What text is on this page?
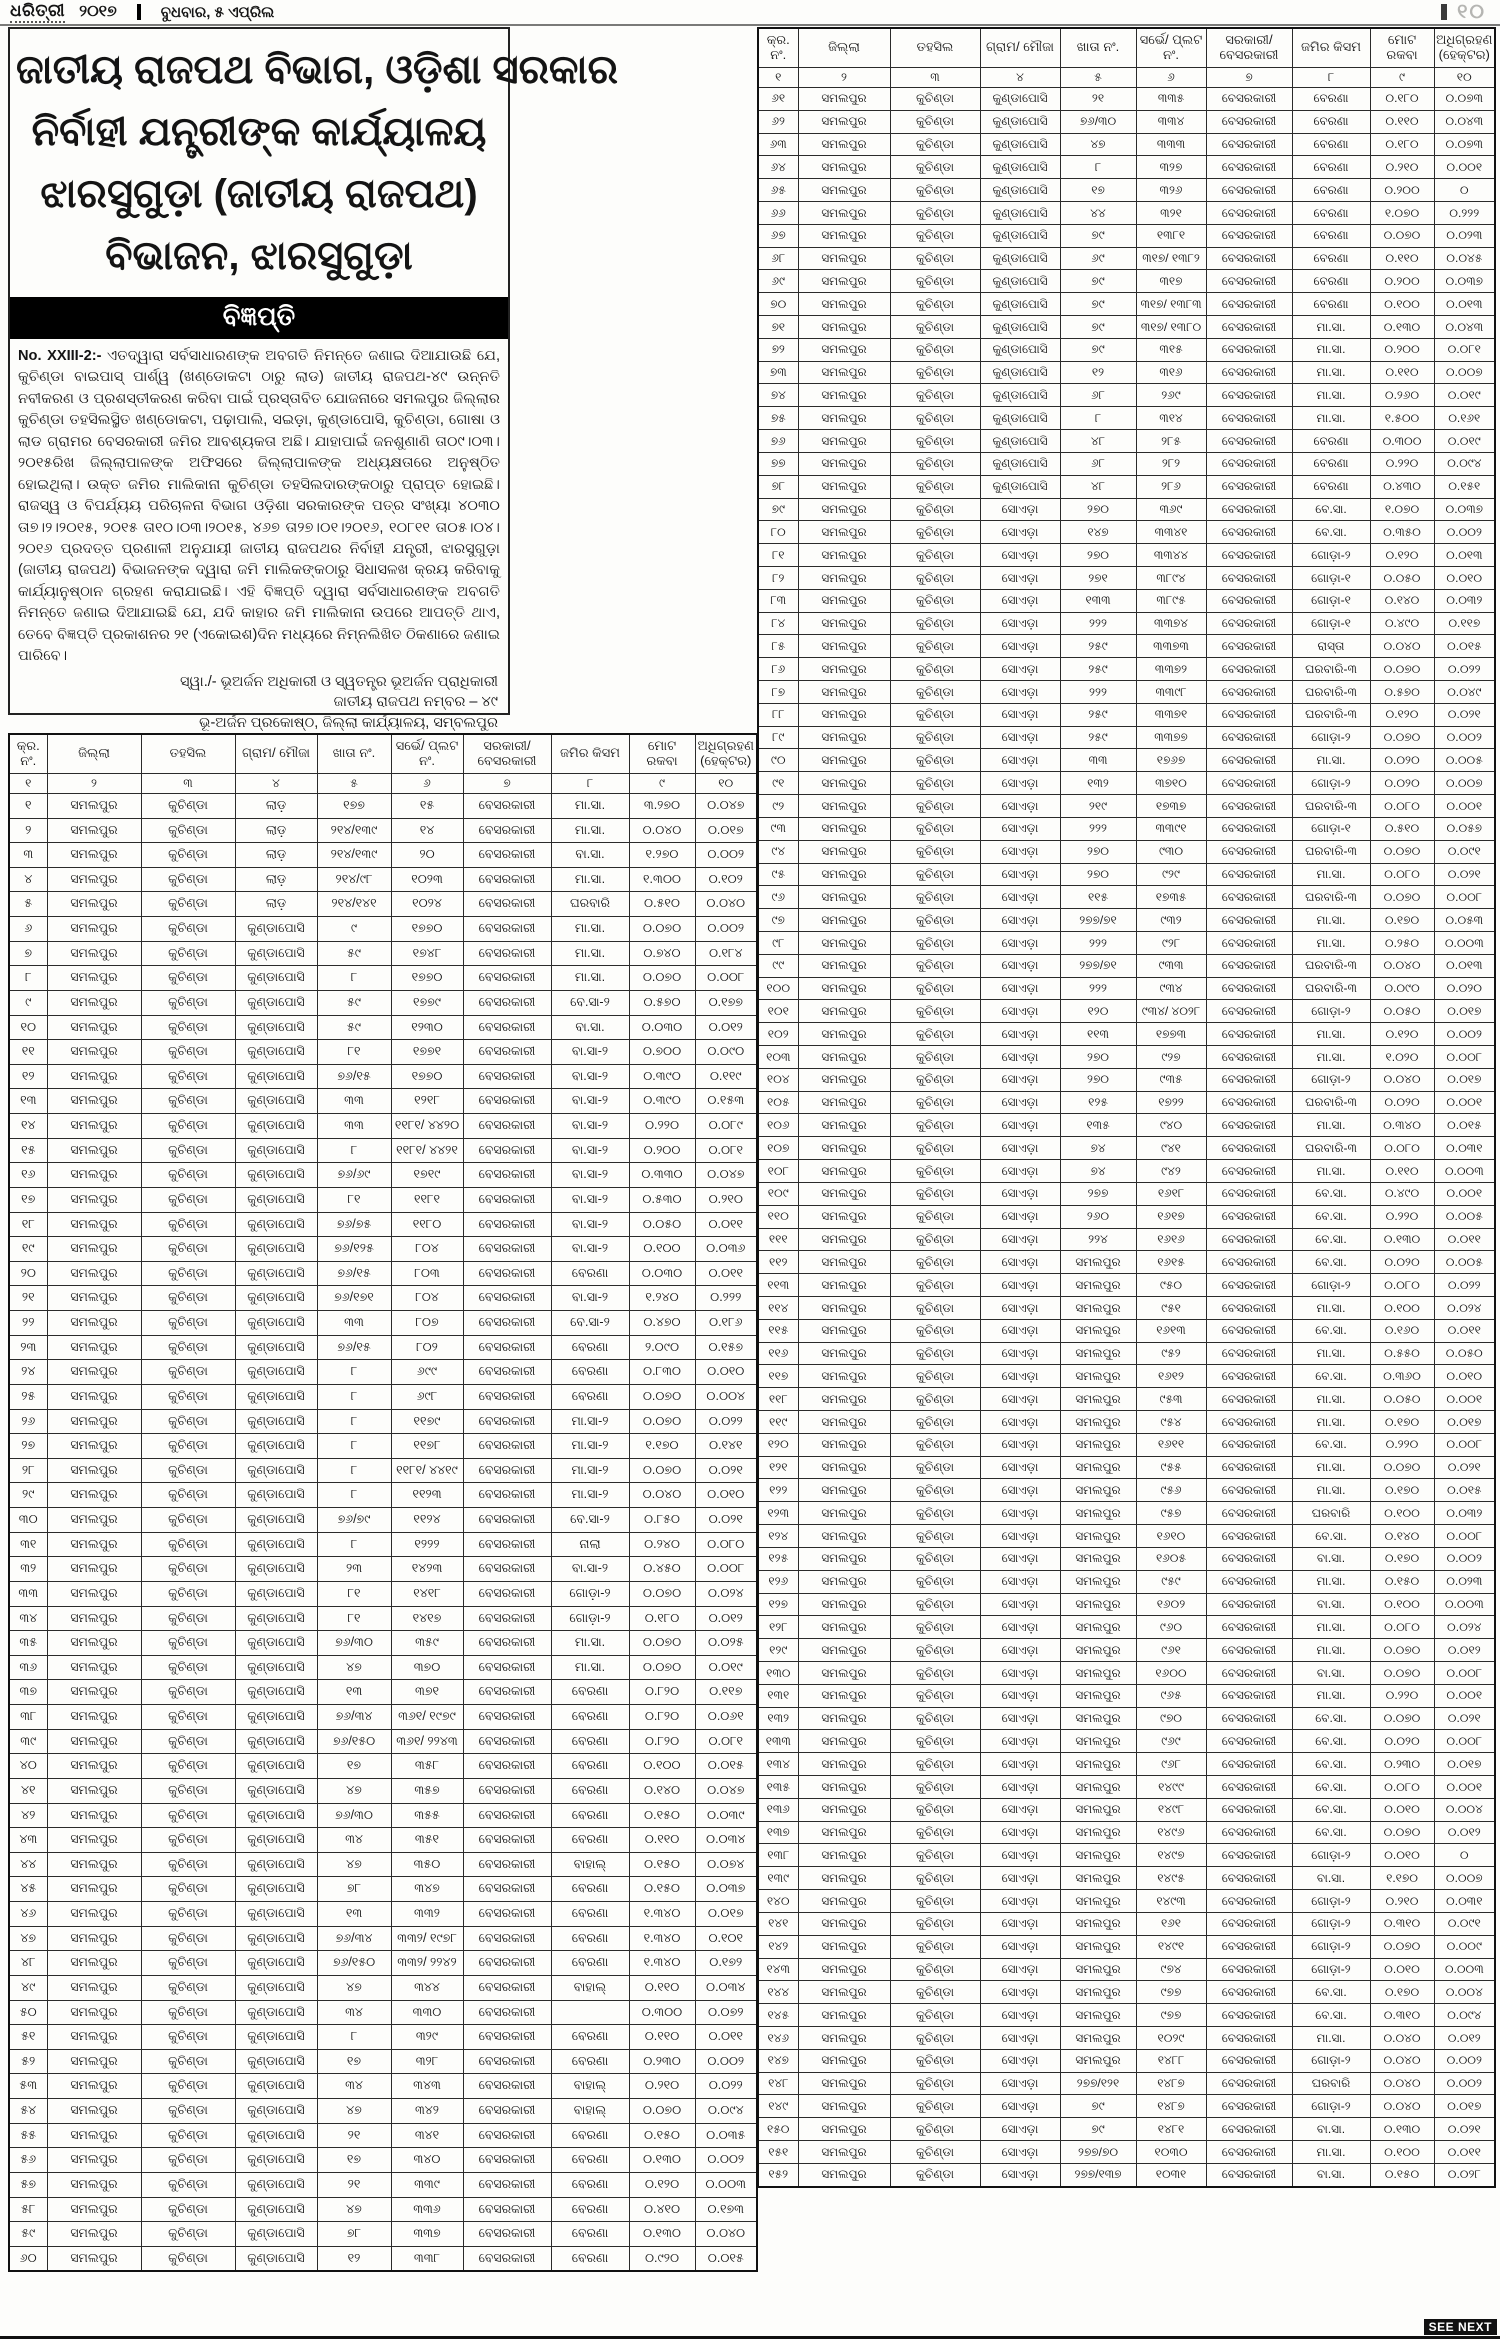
ଧରିତ୍ରୀ ୨୦୧୭	ବୁଧବାର, ୫ ଏପ୍ରିଲ	୧୦
ଜାତୀୟ ରାଜପଥ ବିଭାଗ, ଓଡ଼ିଶା ସରକାର
ନିର୍ବାହୀ ଯନ୍ତ୍ରୀଙ୍କ କାର୍ଯ୍ୟାଳୟ
ଝାରସୁଗୁଡ଼ା (ଜାତୀୟ ରାଜପଥ)
ବିଭାଜନ, ଝାରସୁଗୁଡ଼ା
ବିଜ୍ଞପ୍ତି
No. XXIII-2:- ଏତଦ୍ୱାରା ସର୍ବସାଧାରଣଙ୍କ ଅବଗତି ନିମନ୍ତେ ଜଣାଇ ଦିଆଯାଉଛି ଯେ, କୁଚିଣ୍ଡା ବାଇପାସ୍ ପାର୍ଶ୍ୱ (ଖଣ୍ଡୋକଟା ଠାରୁ ଲାଡ) ଜାତୀୟ ରାଜପଥ-୪୯ ଉନ୍ନତି ନବୀକରଣ ଓ ପ୍ରଶସ୍ତୀକରଣ କରିବା ପାଇଁ ପ୍ରସ୍ତାବିତ ଯୋଜନାରେ ସମଲପୁର ଜିଲ୍ଲାର କୁଚିଣ୍ଡା ତହସିଲସ୍ଥିତ ଖଣ୍ଡୋକଟା, ପଢ଼ାପାଲି, ସଇଡ଼ା, କୁଣ୍ଡାପୋସି, କୁଚିଣ୍ଡା, ଗୋଷା ଓ ଲାଡ ଗ୍ରାମର ବେସରକାରୀ ଜମିର ଆବଶ୍ୟକତା ଅଛି। ଯାହାପାଇଁ ଜନଶୁଣାଣି ତା୦୯।୦୩।୨୦୧୫ରିଖ ଜିଲ୍ଲାପାଳଙ୍କ ଅଫିସରେ ଜିଲ୍ଲାପାଳଙ୍କ ଅଧ୍ୟକ୍ଷତାରେ ଅନୁଷ୍ଠିତ ହୋଇଥିଲା। ଉକ୍ତ ଜମିର ମାଲିକାନା କୁଚିଣ୍ଡା ତହସିଲଦାରଙ୍କଠାରୁ ପ୍ରାପ୍ତ ହୋଇଛି। ରାଜସ୍ୱ ଓ ବିପର୍ଯ୍ୟୟ ପରିଚାଳନା ବିଭାଗ ଓଡ଼ିଶା ସରକାରଙ୍କ ପତ୍ର ସଂଖ୍ୟା ୪୦୩୦ ତା୭।୨।୨୦୧୫, ୨୦୧୫ ତା୧୦।୦୩।୨୦୧୫, ୪୬୭ ତା୨୭।୦୧।୨୦୧୬, ୧୦୮୧୧ ତା୦୫।୦୪।୨୦୧୬ ପ୍ରଦତ୍ତ ପ୍ରଣାଳୀ ଅନୁଯାୟୀ ଜାତୀୟ ରାଜପଥର ନିର୍ବାହୀ ଯନ୍ତ୍ରୀ, ଝାରସୁଗୁଡ଼ା (ଜାତୀୟ ରାଜପଥ) ବିଭାଜନଙ୍କ ଦ୍ୱାରା ଜମି ମାଲିକଙ୍କଠାରୁ ସିଧାସଳଖ କ୍ରୟ କରିବାକୁ କାର୍ଯ୍ୟାନୁଷ୍ଠାନ ଗ୍ରହଣ କରାଯାଇଛି। ଏହି ବିଜ୍ଞପ୍ତି ଦ୍ୱାରା ସର୍ବସାଧାରଣଙ୍କ ଅବଗତି ନିମନ୍ତେ ଜଣାଇ ଦିଆଯାଇଛି ଯେ, ଯଦି କାହାର ଜମି ମାଲିକାନା ଉପରେ ଆପତ୍ତି ଥାଏ, ତେବେ ବିଜ୍ଞପ୍ତି ପ୍ରକାଶନର ୨୧ (ଏକୋଇଶ)ଦିନ ମଧ୍ୟରେ ନିମ୍ନଲିଖିତ ଠିକଣାରେ ଜଣାଇ ପାରିବେ।
ସ୍ୱା./- ଭୂଅର୍ଜନ ଅଧିକାରୀ ଓ ସ୍ୱତନ୍ତ୍ର ଭୂଅର୍ଜନ ପ୍ରାଧିକାରୀ
ଜାତୀୟ ରାଜପଥ ନମ୍ବର – ୪୯
ଭୂ-ଅର୍ଜନ ପ୍ରକୋଷ୍ଠ, ଜିଲ୍ଲା କାର୍ଯ୍ୟାଳୟ, ସମ୍ବଲପୁର
କ୍ର. ନଂ.	ଜିଲ୍ଲା	ତହସିଲ	ଗ୍ରାମ/ ମୌଜା	ଖାତା ନଂ.	ସର୍ଭେ/ ପ୍ଲଟ ନଂ.	ସରକାରୀ/ ବେସରକାରୀ	ଜମିର କିସମ	ମୋଟ ରକବା	ଅଧିଗ୍ରହଣ (ହେକ୍ଟର)
୧	୨	୩	୪	୫	୬	୭	୮	୯	୧୦
୧	ସମଲପୁର	କୁଚିଣ୍ଡା	ଲାଡ଼	୧୭୭	୧୫	ବେସରକାରୀ	ମା.ସା.	୩.୨୭୦	୦.୦୪୭
୨	ସମଲପୁର	କୁଚିଣ୍ଡା	ଲାଡ଼	୨୧୪/୧୩୯	୧୪	ବେସରକାରୀ	ମା.ସା.	୦.୦୪୦	୦.୦୧୭
୩	ସମଲପୁର	କୁଚିଣ୍ଡା	ଲାଡ଼	୨୧୪/୧୩୯	୨୦	ବେସରକାରୀ	ବା.ସା.	୧.୨୭୦	୦.୦୦୨
୪	ସମଲପୁର	କୁଚିଣ୍ଡା	ଲାଡ଼	୨୧୪/୯୮	୧୦୨୩	ବେସରକାରୀ	ମା.ସା.	୧.୩୦୦	୦.୧୦୨
୫	ସମଲପୁର	କୁଚିଣ୍ଡା	ଲାଡ଼	୨୧୪/୧୪୧	୧୦୨୪	ବେସରକାରୀ	ଘରବାରି	୦.୫୧୦	୦.୦୪୦
୬	ସମଲପୁର	କୁଚିଣ୍ଡା	କୁଣ୍ଡାପୋସି	୯	୧୭୭୦	ବେସରକାରୀ	ମା.ସା.	୦.୦୭୦	୦.୦୦୨
୭	ସମଲପୁର	କୁଚିଣ୍ଡା	କୁଣ୍ଡାପୋସି	୫୯	୧୭୪୮	ବେସରକାରୀ	ମା.ସା.	୦.୭୪୦	୦.୧୮୪
୮	ସମଲପୁର	କୁଚିଣ୍ଡା	କୁଣ୍ଡାପୋସି	୮	୧୭୭୦	ବେସରକାରୀ	ମା.ସା.	୦.୦୭୦	୦.୦୦୮
୯	ସମଲପୁର	କୁଚିଣ୍ଡା	କୁଣ୍ଡାପୋସି	୫୯	୧୭୭୯	ବେସରକାରୀ	ବେ.ସା-୨	୦.୫୭୦	୦.୧୭୭
୧୦	ସମଲପୁର	କୁଚିଣ୍ଡା	କୁଣ୍ଡାପୋସି	୫୯	୧୨୩୦	ବେସରକାରୀ	ବା.ସା.	୦.୦୩୦	୦.୦୧୨
୧୧	ସମଲପୁର	କୁଚିଣ୍ଡା	କୁଣ୍ଡାପୋସି	୮୧	୧୭୭୧	ବେସରକାରୀ	ବା.ସା-୨	୦.୭୦୦	୦.୦୯୦
୧୨	ସମଲପୁର	କୁଚିଣ୍ଡା	କୁଣ୍ଡାପୋସି	୭୬/୧୫	୧୭୭୦	ବେସରକାରୀ	ବା.ସା-୨	୦.୩୯୦	୦.୧୧୯
୧୩	ସମଲପୁର	କୁଚିଣ୍ଡା	କୁଣ୍ଡାପୋସି	୩୩	୧୨୧୮	ବେସରକାରୀ	ବା.ସା-୨	୦.୩୯୦	୦.୧୫୩
୧୪	ସମଲପୁର	କୁଚିଣ୍ଡା	କୁଣ୍ଡାପୋସି	୩୩	୧୧୮୧/ ୪୪୨୦	ବେସରକାରୀ	ବା.ସା-୨	୦.୨୨୦	୦.୦୮୯
୧୫	ସମଲପୁର	କୁଚିଣ୍ଡା	କୁଣ୍ଡାପୋସି	୮	୧୧୮୧/ ୪୪୨୧	ବେସରକାରୀ	ବା.ସା-୨	୦.୨୦୦	୦.୦୮୧
୧୬	ସମଲପୁର	କୁଚିଣ୍ଡା	କୁଣ୍ଡାପୋସି	୭୬/୬୯	୧୭୧୯	ବେସରକାରୀ	ବା.ସା-୨	୦.୩୩୦	୦.୦୪୭
୧୭	ସମଲପୁର	କୁଚିଣ୍ଡା	କୁଣ୍ଡାପୋସି	୮୧	୧୧୮୧	ବେସରକାରୀ	ବା.ସା-୨	୦.୫୩୦	୦.୨୧୦
୧୮	ସମଲପୁର	କୁଚିଣ୍ଡା	କୁଣ୍ଡାପୋସି	୭୬/୭୫	୧୧୮୦	ବେସରକାରୀ	ବା.ସା-୨	୦.୦୫୦	୦.୦୧୧
୧୯	ସମଲପୁର	କୁଚିଣ୍ଡା	କୁଣ୍ଡାପୋସି	୭୬/୧୨୫	୮୦୪	ବେସରକାରୀ	ବା.ସା-୨	୦.୧୦୦	୦.୦୩୬
୨୦	ସମଲପୁର	କୁଚିଣ୍ଡା	କୁଣ୍ଡାପୋସି	୭୬/୧୫	୮୦୩	ବେସରକାରୀ	ବେରଣା	୦.୦୩୦	୦.୦୧୧
୨୧	ସମଲପୁର	କୁଚିଣ୍ଡା	କୁଣ୍ଡାପୋସି	୭୬/୧୭୧	୮୦୪	ବେସରକାରୀ	ବା.ସା-୨	୧.୨୪୦	୦.୨୨୨
୨୨	ସମଲପୁର	କୁଚିଣ୍ଡା	କୁଣ୍ଡାପୋସି	୩୩	୮୦୭	ବେସରକାରୀ	ବେ.ସା-୨	୦.୪୭୦	୦.୧୮୬
୨୩	ସମଲପୁର	କୁଚିଣ୍ଡା	କୁଣ୍ଡାପୋସି	୭୬/୧୫	୮୦୨	ବେସରକାରୀ	ବେରଣା	୨.୦୯୦	୦.୧୫୭
୨୪	ସମଲପୁର	କୁଚିଣ୍ଡା	କୁଣ୍ଡାପୋସି	୮	୬୯୯	ବେସରକାରୀ	ବେରଣା	୦.୮୩୦	୦.୦୧୦
୨୫	ସମଲପୁର	କୁଚିଣ୍ଡା	କୁଣ୍ଡାପୋସି	୮	୬୯୮	ବେସରକାରୀ	ବେରଣା	୦.୦୭୦	୦.୦୦୪
୨୬	ସମଲପୁର	କୁଚିଣ୍ଡା	କୁଣ୍ଡାପୋସି	୮	୧୧୭୯	ବେସରକାରୀ	ମା.ସା-୨	୦.୦୭୦	୦.୦୨୨
୨୭	ସମଲପୁର	କୁଚିଣ୍ଡା	କୁଣ୍ଡାପୋସି	୮	୧୧୭୮	ବେସରକାରୀ	ମା.ସା-୨	୧.୧୭୦	୦.୧୪୧
୨୮	ସମଲପୁର	କୁଚିଣ୍ଡା	କୁଣ୍ଡାପୋସି	୮	୧୧୮୧/ ୪୪୧୯	ବେସରକାରୀ	ମା.ସା-୨	୦.୦୭୦	୦.୦୨୧
୨୯	ସମଲପୁର	କୁଚିଣ୍ଡା	କୁଣ୍ଡାପୋସି	୮	୧୧୨୩	ବେସରକାରୀ	ମା.ସା-୨	୦.୦୪୦	୦.୦୧୦
୩୦	ସମଲପୁର	କୁଚିଣ୍ଡା	କୁଣ୍ଡାପୋସି	୭୬/୭୯	୧୧୨୪	ବେସରକାରୀ	ବେ.ସା-୨	୦.୮୫୦	୦.୦୨୧
୩୧	ସମଲପୁର	କୁଚିଣ୍ଡା	କୁଣ୍ଡାପୋସି	୮	୧୨୨୨	ବେସରକାରୀ	ନାଲା	୦.୨୪୦	୦.୦୮୦
୩୨	ସମଲପୁର	କୁଚିଣ୍ଡା	କୁଣ୍ଡାପୋସି	୨୩	୧୪୨୩	ବେସରକାରୀ	ବା.ସା-୨	୦.୪୫୦	୦.୦୦୮
୩୩	ସମଲପୁର	କୁଚିଣ୍ଡା	କୁଣ୍ଡାପୋସି	୮୧	୧୪୧୮	ବେସରକାରୀ	ଗୋଡ଼ା-୨	୦.୦୭୦	୦.୦୨୪
୩୪	ସମଲପୁର	କୁଚିଣ୍ଡା	କୁଣ୍ଡାପୋସି	୮୧	୧୪୧୭	ବେସରକାରୀ	ଗୋଡ଼ା-୨	୦.୧୮୦	୦.୦୧୨
୩୫	ସମଲପୁର	କୁଚିଣ୍ଡା	କୁଣ୍ଡାପୋସି	୭୬/୩୦	୩୫୯	ବେସରକାରୀ	ମା.ସା.	୦.୦୭୦	୦.୦୨୫
୩୬	ସମଲପୁର	କୁଚିଣ୍ଡା	କୁଣ୍ଡାପୋସି	୪୭	୩୭୦	ବେସରକାରୀ	ମା.ସା.	୦.୦୭୦	୦.୦୧୯
୩୭	ସମଲପୁର	କୁଚିଣ୍ଡା	କୁଣ୍ଡାପୋସି	୧୩	୩୭୧	ବେସରକାରୀ	ବେରଣା	୦.୮୨୦	୦.୧୧୭
୩୮	ସମଲପୁର	କୁଚିଣ୍ଡା	କୁଣ୍ଡାପୋସି	୭୬/୩୪	୩୬୧/ ୧୯୭୯	ବେସରକାରୀ	ବେରଣା	୦.୮୨୦	୦.୦୬୧
୩୯	ସମଲପୁର	କୁଚିଣ୍ଡା	କୁଣ୍ଡାପୋସି	୭୬/୧୫୦	୩୬୧/ ୨୨୪୩	ବେସରକାରୀ	ବେରଣା	୦.୮୨୦	୦.୦୮୧
୪୦	ସମଲପୁର	କୁଚିଣ୍ଡା	କୁଣ୍ଡାପୋସି	୧୭	୩୫୮	ବେସରକାରୀ	ବେରଣା	୦.୧୦୦	୦.୦୧୫
୪୧	ସମଲପୁର	କୁଚିଣ୍ଡା	କୁଣ୍ଡାପୋସି	୪୭	୩୫୭	ବେସରକାରୀ	ବେରଣା	୦.୧୪୦	୦.୦୪୭
୪୨	ସମଲପୁର	କୁଚିଣ୍ଡା	କୁଣ୍ଡାପୋସି	୭୬/୩୦	୩୫୫	ବେସରକାରୀ	ବେରଣା	୦.୧୫୦	୦.୦୩୯
୪୩	ସମଲପୁର	କୁଚିଣ୍ଡା	କୁଣ୍ଡାପୋସି	୩୪	୩୫୧	ବେସରକାରୀ	ବେରଣା	୦.୧୧୦	୦.୦୩୪
୪୪	ସମଲପୁର	କୁଚିଣ୍ଡା	କୁଣ୍ଡାପୋସି	୪୭	୩୫୦	ବେସରକାରୀ	ବାହାଲ୍	୦.୧୫୦	୦.୦୭୪
୪୫	ସମଲପୁର	କୁଚିଣ୍ଡା	କୁଣ୍ଡାପୋସି	୭୮	୩୪୭	ବେସରକାରୀ	ବେରଣା	୦.୧୫୦	୦.୦୩୭
୪୬	ସମଲପୁର	କୁଚିଣ୍ଡା	କୁଣ୍ଡାପୋସି	୧୩	୩୩୨	ବେସରକାରୀ	ବେରଣା	୧.୩୪୦	୦.୦୧୭
୪୭	ସମଲପୁର	କୁଚିଣ୍ଡା	କୁଣ୍ଡାପୋସି	୭୬/୩୪	୩୩୨/ ୧୯୭୮	ବେସରକାରୀ	ବେରଣା	୧.୩୪୦	୦.୧୦୧
୪୮	ସମଲପୁର	କୁଚିଣ୍ଡା	କୁଣ୍ଡାପୋସି	୭୬/୧୫୦	୩୩୨/ ୨୨୪୨	ବେସରକାରୀ	ବେରଣା	୧.୩୪୦	୦.୧୭୨
୪୯	ସମଲପୁର	କୁଚିଣ୍ଡା	କୁଣ୍ଡାପୋସି	୪୭	୩୪୪	ବେସରକାରୀ	ବାହାଲ୍	୦.୧୧୦	୦.୦୩୪
୫୦	ସମଲପୁର	କୁଚିଣ୍ଡା	କୁଣ୍ଡାପୋସି	୩୪	୩୩୦	ବେସରକାରୀ		୦.୩୦୦	୦.୦୭୨
୫୧	ସମଲପୁର	କୁଚିଣ୍ଡା	କୁଣ୍ଡାପୋସି	୮	୩୨୯	ବେସରକାରୀ	ବେରଣା	୦.୧୧୦	୦.୦୧୧
୫୨	ସମଲପୁର	କୁଚିଣ୍ଡା	କୁଣ୍ଡାପୋସି	୧୭	୩୨୮	ବେସରକାରୀ	ବେରଣା	୦.୨୩୦	୦.୦୦୨
୫୩	ସମଲପୁର	କୁଚିଣ୍ଡା	କୁଣ୍ଡାପୋସି	୩୪	୩୪୩	ବେସରକାରୀ	ବାହାଲ୍	୦.୨୧୦	୦.୦୨୨
୫୪	ସମଲପୁର	କୁଚିଣ୍ଡା	କୁଣ୍ଡାପୋସି	୪୭	୩୪୨	ବେସରକାରୀ	ବାହାଲ୍	୦.୦୭୦	୦.୦୯୪
୫୫	ସମଲପୁର	କୁଚିଣ୍ଡା	କୁଣ୍ଡାପୋସି	୨୧	୩୪୧	ବେସରକାରୀ	ବେରଣା	୦.୧୫୦	୦.୦୩୫
୫୬	ସମଲପୁର	କୁଚିଣ୍ଡା	କୁଣ୍ଡାପୋସି	୧୭	୩୪୦	ବେସରକାରୀ	ବେରଣା	୦.୧୩୦	୦.୦୦୨
୫୭	ସମଲପୁର	କୁଚିଣ୍ଡା	କୁଣ୍ଡାପୋସି	୨୧	୩୩୯	ବେସରକାରୀ	ବେରଣା	୦.୧୨୦	୦.୦୦୩
୫୮	ସମଲପୁର	କୁଚିଣ୍ଡା	କୁଣ୍ଡାପୋସି	୪୭	୩୩୬	ବେସରକାରୀ	ବେରଣା	୦.୪୧୦	୦.୧୭୩
୫୯	ସମଲପୁର	କୁଚିଣ୍ଡା	କୁଣ୍ଡାପୋସି	୭୮	୩୩୭	ବେସରକାରୀ	ବେରଣା	୦.୧୩୦	୦.୦୪୦
୬୦	ସମଲପୁର	କୁଚିଣ୍ଡା	କୁଣ୍ଡାପୋସି	୧୨	୩୩୮	ବେସରକାରୀ	ବେରଣା	୦.୯୨୦	୦.୦୧୫
କ୍ର. ନଂ.	ଜିଲ୍ଲା	ତହସିଲ	ଗ୍ରାମ/ ମୌଜା	ଖାତା ନଂ.	ସର୍ଭେ/ ପ୍ଲଟ ନଂ.	ସରକାରୀ/ ବେସରକାରୀ	ଜମିର କିସମ	ମୋଟ ରକବା	ଅଧିଗ୍ରହଣ (ହେକ୍ଟର)
୧	୨	୩	୪	୫	୬	୭	୮	୯	୧୦
୬୧	ସମଲପୁର	କୁଚିଣ୍ଡା	କୁଣ୍ଡାପୋସି	୨୧	୩୩୫	ବେସରକାରୀ	ବେରଣା	୦.୧୮୦	୦.୦୭୩
୬୨	ସମଲପୁର	କୁଚିଣ୍ଡା	କୁଣ୍ଡାପୋସି	୭୬/୩୦	୩୩୪	ବେସରକାରୀ	ବେରଣା	୦.୧୧୦	୦.୦୪୩
୬୩	ସମଲପୁର	କୁଚିଣ୍ଡା	କୁଣ୍ଡାପୋସି	୪୭	୩୩୩	ବେସରକାରୀ	ବେରଣା	୦.୧୮୦	୦.୦୭୩
୬୪	ସମଲପୁର	କୁଚିଣ୍ଡା	କୁଣ୍ଡାପୋସି	୮	୩୨୭	ବେସରକାରୀ	ବେରଣା	୦.୨୧୦	୦.୦୦୧
୬୫	ସମଲପୁର	କୁଚିଣ୍ଡା	କୁଣ୍ଡାପୋସି	୧୭	୩୨୬	ବେସରକାରୀ	ବେରଣା	୦.୨୦୦	୦
୬୬	ସମଲପୁର	କୁଚିଣ୍ଡା	କୁଣ୍ଡାପୋସି	୪୪	୩୨୧	ବେସରକାରୀ	ବେରଣା	୧.୦୭୦	୦.୨୨୨
୬୭	ସମଲପୁର	କୁଚିଣ୍ଡା	କୁଣ୍ଡାପୋସି	୭୯	୧୩୮୧	ବେସରକାରୀ	ବେରଣା	୦.୦୭୦	୦.୦୨୩
୬୮	ସମଲପୁର	କୁଚିଣ୍ଡା	କୁଣ୍ଡାପୋସି	୬୯	୩୧୭/ ୧୩୮୨	ବେସରକାରୀ	ବେରଣା	୦.୧୧୦	୦.୦୪୫
୬୯	ସମଲପୁର	କୁଚିଣ୍ଡା	କୁଣ୍ଡାପୋସି	୭୯	୩୧୭	ବେସରକାରୀ	ବେରଣା	୦.୨୦୦	୦.୦୩୭
୭୦	ସମଲପୁର	କୁଚିଣ୍ଡା	କୁଣ୍ଡାପୋସି	୭୯	୩୧୭/ ୧୩୮୩	ବେସରକାରୀ	ବେରଣା	୦.୧୦୦	୦.୦୧୩
୭୧	ସମଲପୁର	କୁଚିଣ୍ଡା	କୁଣ୍ଡାପୋସି	୭୯	୩୧୭/ ୧୩୮୦	ବେସରକାରୀ	ମା.ସା.	୦.୧୩୦	୦.୦୪୩
୭୨	ସମଲପୁର	କୁଚିଣ୍ଡା	କୁଣ୍ଡାପୋସି	୭୯	୩୧୫	ବେସରକାରୀ	ମା.ସା.	୦.୨୦୦	୦.୦୮୧
୭୩	ସମଲପୁର	କୁଚିଣ୍ଡା	କୁଣ୍ଡାପୋସି	୧୨	୩୧୬	ବେସରକାରୀ	ମା.ସା.	୦.୧୧୦	୦.୦୦୭
୭୪	ସମଲପୁର	କୁଚିଣ୍ଡା	କୁଣ୍ଡାପୋସି	୬୮	୨୬୯	ବେସରକାରୀ	ମା.ସା.	୦.୨୬୦	୦.୦୧୯
୭୫	ସମଲପୁର	କୁଚିଣ୍ଡା	କୁଣ୍ଡାପୋସି	୮	୩୧୪	ବେସରକାରୀ	ମା.ସା.	୧.୫୦୦	୦.୧୬୧
୭୬	ସମଲପୁର	କୁଚିଣ୍ଡା	କୁଣ୍ଡାପୋସି	୪୮	୨୮୫	ବେସରକାରୀ	ବେରଣା	୦.୩୦୦	୦.୦୧୯
୭୭	ସମଲପୁର	କୁଚିଣ୍ଡା	କୁଣ୍ଡାପୋସି	୬୮	୨୮୨	ବେସରକାରୀ	ବେରଣା	୦.୨୨୦	୦.୦୯୪
୭୮	ସମଲପୁର	କୁଚିଣ୍ଡା	କୁଣ୍ଡାପୋସି	୪୮	୨୮୬	ବେସରକାରୀ	ବେରଣା	୦.୪୩୦	୦.୧୫୧
୭୯	ସମଲପୁର	କୁଚିଣ୍ଡା	ସୋଏଡ଼ା	୨୭୦	୩୬୯	ବେସରକାରୀ	ବେ.ସା.	୧.୦୭୦	୦.୦୩୭
୮୦	ସମଲପୁର	କୁଚିଣ୍ଡା	ସୋଏଡ଼ା	୧୪୭	୩୩୪୧	ବେସରକାରୀ	ବେ.ସା.	୦.୩୫୦	୦.୦୦୨
୮୧	ସମଲପୁର	କୁଚିଣ୍ଡା	ସୋଏଡ଼ା	୨୭୦	୩୩୪୪	ବେସରକାରୀ	ଗୋଡ଼ା-୨	୦.୧୨୦	୦.୦୧୩
୮୨	ସମଲପୁର	କୁଚିଣ୍ଡା	ସୋଏଡ଼ା	୨୭୧	୩୮୯୪	ବେସରକାରୀ	ଗୋଡ଼ା-୧	୦.୦୫୦	୦.୦୧୦
୮୩	ସମଲପୁର	କୁଚିଣ୍ଡା	ସୋଏଡ଼ା	୧୩୩	୩୮୯୫	ବେସରକାରୀ	ଗୋଡ଼ା-୧	୦.୧୪୦	୦.୦୩୨
୮୪	ସମଲପୁର	କୁଚିଣ୍ଡା	ସୋଏଡ଼ା	୨୨୨	୩୩୭୪	ବେସରକାରୀ	ଗୋଡ଼ା-୧	୦.୪୯୦	୦.୧୧୭
୮୫	ସମଲପୁର	କୁଚିଣ୍ଡା	ସୋଏଡ଼ା	୨୫୯	୩୩୭୩	ବେସରକାରୀ	ରାସ୍ତା	୦.୦୪୦	୦.୦୧୫
୮୬	ସମଲପୁର	କୁଚିଣ୍ଡା	ସୋଏଡ଼ା	୨୫୯	୩୩୭୨	ବେସରକାରୀ	ଘରବାରି-୩	୦.୦୭୦	୦.୦୨୨
୮୭	ସମଲପୁର	କୁଚିଣ୍ଡା	ସୋଏଡ଼ା	୨୨୨	୩୩୯୮	ବେସରକାରୀ	ଘରବାରି-୩	୦.୫୭୦	୦.୦୪୯
୮୮	ସମଲପୁର	କୁଚିଣ୍ଡା	ସୋଏଡ଼ା	୨୫୯	୩୩୭୧	ବେସରକାରୀ	ଘରବାରି-୩	୦.୧୨୦	୦.୦୨୧
୮୯	ସମଲପୁର	କୁଚିଣ୍ଡା	ସୋଏଡ଼ା	୨୫୯	୩୩୭୭	ବେସରକାରୀ	ଗୋଡ଼ା-୨	୦.୦୭୦	୦.୦୦୨
୯୦	ସମଲପୁର	କୁଚିଣ୍ଡା	ସୋଏଡ଼ା	୩୩	୧୭୬୭	ବେସରକାରୀ	ମା.ସା.	୦.୦୨୦	୦.୦୦୫
୯୧	ସମଲପୁର	କୁଚିଣ୍ଡା	ସୋଏଡ଼ା	୧୩୨	୩୭୧୦	ବେସରକାରୀ	ଗୋଡ଼ା-୨	୦.୦୨୦	୦.୦୦୭
୯୨	ସମଲପୁର	କୁଚିଣ୍ଡା	ସୋଏଡ଼ା	୨୧୯	୧୭୩୭	ବେସରକାରୀ	ଘରବାରି-୩	୦.୦୮୦	୦.୦୦୧
୯୩	ସମଲପୁର	କୁଚିଣ୍ଡା	ସୋଏଡ଼ା	୨୨୨	୩୩୯୧	ବେସରକାରୀ	ଗୋଡ଼ା-୧	୦.୫୧୦	୦.୦୫୭
୯୪	ସମଲପୁର	କୁଚିଣ୍ଡା	ସୋଏଡ଼ା	୨୭୦	୯୩୦	ବେସରକାରୀ	ଘରବାରି-୩	୦.୦୭୦	୦.୦୯୧
୯୫	ସମଲପୁର	କୁଚିଣ୍ଡା	ସୋଏଡ଼ା	୨୭୦	୯୨୯	ବେସରକାରୀ	ମା.ସା.	୦.୦୮୦	୦.୦୨୧
୯୬	ସମଲପୁର	କୁଚିଣ୍ଡା	ସୋଏଡ଼ା	୧୧୫	୧୭୩୫	ବେସରକାରୀ	ଘରବାରି-୩	୦.୦୭୦	୦.୦୦୮
୯୭	ସମଲପୁର	କୁଚିଣ୍ଡା	ସୋଏଡ଼ା	୨୭୭/୭୧	୯୩୨	ବେସରକାରୀ	ମା.ସା.	୦.୧୭୦	୦.୦୫୩
୯୮	ସମଲପୁର	କୁଚିଣ୍ଡା	ସୋଏଡ଼ା	୨୨୨	୯୨୮	ବେସରକାରୀ	ମା.ସା.	୦.୨୫୦	୦.୦୦୩
୯୯	ସମଲପୁର	କୁଚିଣ୍ଡା	ସୋଏଡ଼ା	୨୭୭/୭୧	୯୩୩	ବେସରକାରୀ	ଘରବାରି-୩	୦.୦୪୦	୦.୦୧୩
୧୦୦	ସମଲପୁର	କୁଚିଣ୍ଡା	ସୋଏଡ଼ା	୨୨୨	୯୩୪	ବେସରକାରୀ	ଘରବାରି-୩	୦.୦୯୦	୦.୦୨୦
୧୦୧	ସମଲପୁର	କୁଚିଣ୍ଡା	ସୋଏଡ଼ା	୧୨୦	୯୩୪/ ୪୦୨୮	ବେସରକାରୀ	ଗୋଡ଼ା-୨	୦.୦୫୦	୦.୦୧୭
୧୦୨	ସମଲପୁର	କୁଚିଣ୍ଡା	ସୋଏଡ଼ା	୧୧୩	୧୭୭୩	ବେସରକାରୀ	ମା.ସା.	୦.୧୨୦	୦.୦୦୨
୧୦୩	ସମଲପୁର	କୁଚିଣ୍ଡା	ସୋଏଡ଼ା	୨୭୦	୯୨୭	ବେସରକାରୀ	ମା.ସା.	୧.୦୨୦	୦.୦୦୮
୧୦୪	ସମଲପୁର	କୁଚିଣ୍ଡା	ସୋଏଡ଼ା	୨୭୦	୯୩୫	ବେସରକାରୀ	ଗୋଡ଼ା-୨	୦.୦୪୦	୦.୦୧୭
୧୦୫	ସମଲପୁର	କୁଚିଣ୍ଡା	ସୋଏଡ଼ା	୧୨୫	୧୭୨୨	ବେସରକାରୀ	ଘରବାରି-୩	୦.୦୨୦	୦.୦୦୧
୧୦୬	ସମଲପୁର	କୁଚିଣ୍ଡା	ସୋଏଡ଼ା	୧୩୫	୯୪୦	ବେସରକାରୀ	ମା.ସା.	୦.୩୪୦	୦.୦୧୫
୧୦୭	ସମଲପୁର	କୁଚିଣ୍ଡା	ସୋଏଡ଼ା	୭୪	୯୪୧	ବେସରକାରୀ	ଘରବାରି-୩	୦.୦୮୦	୦.୦୩୧
୧୦୮	ସମଲପୁର	କୁଚିଣ୍ଡା	ସୋଏଡ଼ା	୭୪	୯୪୨	ବେସରକାରୀ	ମା.ସା.	୦.୧୧୦	୦.୦୦୩
୧୦୯	ସମଲପୁର	କୁଚିଣ୍ଡା	ସୋଏଡ଼ା	୨୭୭	୧୬୧୮	ବେସରକାରୀ	ବେ.ସା.	୦.୪୯୦	୦.୦୦୧
୧୧୦	ସମଲପୁର	କୁଚିଣ୍ଡା	ସୋଏଡ଼ା	୨୬୦	୧୬୧୭	ବେସରକାରୀ	ବେ.ସା.	୦.୨୨୦	୦.୦୦୫
୧୧୧	ସମଲପୁର	କୁଚିଣ୍ଡା	ସୋଏଡ଼ା	୨୨୪	୧୬୧୬	ବେସରକାରୀ	ବେ.ସା.	୦.୧୩୦	୦.୦୧୧
୧୧୨	ସମଲପୁର	କୁଚିଣ୍ଡା	ସୋଏଡ଼ା	ସମଲପୁର	୧୬୧୫	ବେସରକାରୀ	ବେ.ସା.	୦.୦୨୦	୦.୦୦୫
୧୧୩	ସମଲପୁର	କୁଚିଣ୍ଡା	ସୋଏଡ଼ା	ସମଲପୁର	୯୫୦	ବେସରକାରୀ	ଗୋଡ଼ା-୨	୦.୦୮୦	୦.୦୨୨
୧୧୪	ସମଲପୁର	କୁଚିଣ୍ଡା	ସୋଏଡ଼ା	ସମଲପୁର	୯୫୧	ବେସରକାରୀ	ମା.ସା.	୦.୧୦୦	୦.୦୨୪
୧୧୫	ସମଲପୁର	କୁଚିଣ୍ଡା	ସୋଏଡ଼ା	ସମଲପୁର	୧୬୧୩	ବେସରକାରୀ	ବେ.ସା.	୦.୧୬୦	୦.୦୧୧
୧୧୬	ସମଲପୁର	କୁଚିଣ୍ଡା	ସୋଏଡ଼ା	ସମଲପୁର	୯୫୨	ବେସରକାରୀ	ମା.ସା.	୦.୫୫୦	୦.୦୫୦
୧୧୭	ସମଲପୁର	କୁଚିଣ୍ଡା	ସୋଏଡ଼ା	ସମଲପୁର	୧୬୧୨	ବେସରକାରୀ	ବେ.ସା.	୦.୩୬୦	୦.୦୧୦
୧୧୮	ସମଲପୁର	କୁଚିଣ୍ଡା	ସୋଏଡ଼ା	ସମଲପୁର	୯୫୩	ବେସରକାରୀ	ମା.ସା.	୦.୦୫୦	୦.୦୦୧
୧୧୯	ସମଲପୁର	କୁଚିଣ୍ଡା	ସୋଏଡ଼ା	ସମଲପୁର	୯୫୪	ବେସରକାରୀ	ମା.ସା.	୦.୧୭୦	୦.୦୧୭
୧୨୦	ସମଲପୁର	କୁଚିଣ୍ଡା	ସୋଏଡ଼ା	ସମଲପୁର	୧୬୧୧	ବେସରକାରୀ	ବେ.ସା.	୦.୨୨୦	୦.୦୦୮
୧୨୧	ସମଲପୁର	କୁଚିଣ୍ଡା	ସୋଏଡ଼ା	ସମଲପୁର	୯୫୫	ବେସରକାରୀ	ମା.ସା.	୦.୦୭୦	୦.୦୨୧
୧୨୨	ସମଲପୁର	କୁଚିଣ୍ଡା	ସୋଏଡ଼ା	ସମଲପୁର	୯୫୬	ବେସରକାରୀ	ମା.ସା.	୦.୧୭୦	୦.୦୧୫
୧୨୩	ସମଲପୁର	କୁଚିଣ୍ଡା	ସୋଏଡ଼ା	ସମଲପୁର	୯୫୭	ବେସରକାରୀ	ଘରବାରି	୦.୧୦୦	୦.୦୩୨
୧୨୪	ସମଲପୁର	କୁଚିଣ୍ଡା	ସୋଏଡ଼ା	ସମଲପୁର	୧୬୧୦	ବେସରକାରୀ	ବେ.ସା.	୦.୧୪୦	୦.୦୦୮
୧୨୫	ସମଲପୁର	କୁଚିଣ୍ଡା	ସୋଏଡ଼ା	ସମଲପୁର	୧୬୦୫	ବେସରକାରୀ	ବା.ସା.	୦.୧୭୦	୦.୦୦୨
୧୨୬	ସମଲପୁର	କୁଚିଣ୍ଡା	ସୋଏଡ଼ା	ସମଲପୁର	୯୫୯	ବେସରକାରୀ	ମା.ସା.	୦.୧୫୦	୦.୦୨୩
୧୨୭	ସମଲପୁର	କୁଚିଣ୍ଡା	ସୋଏଡ଼ା	ସମଲପୁର	୧୬୦୨	ବେସରକାରୀ	ବା.ସା.	୦.୧୦୦	୦.୦୦୩
୧୨୮	ସମଲପୁର	କୁଚିଣ୍ଡା	ସୋଏଡ଼ା	ସମଲପୁର	୯୬୦	ବେସରକାରୀ	ମା.ସା.	୦.୦୮୦	୦.୦୨୪
୧୨୯	ସମଲପୁର	କୁଚିଣ୍ଡା	ସୋଏଡ଼ା	ସମଲପୁର	୯୬୧	ବେସରକାରୀ	ମା.ସା.	୦.୦୭୦	୦.୦୧୨
୧୩୦	ସମଲପୁର	କୁଚିଣ୍ଡା	ସୋଏଡ଼ା	ସମଲପୁର	୧୬୦୦	ବେସରକାରୀ	ବା.ସା.	୦.୦୭୦	୦.୦୦୮
୧୩୧	ସମଲପୁର	କୁଚିଣ୍ଡା	ସୋଏଡ଼ା	ସମଲପୁର	୯୬୫	ବେସରକାରୀ	ମା.ସା.	୦.୨୨୦	୦.୦୦୧
୧୩୨	ସମଲପୁର	କୁଚିଣ୍ଡା	ସୋଏଡ଼ା	ସମଲପୁର	୯୭୦	ବେସରକାରୀ	ବେ.ସା.	୦.୦୭୦	୦.୦୨୧
୧୩୩	ସମଲପୁର	କୁଚିଣ୍ଡା	ସୋଏଡ଼ା	ସମଲପୁର	୯୬୯	ବେସରକାରୀ	ବେ.ସା.	୦.୦୨୦	୦.୦୦୮
୧୩୪	ସମଲପୁର	କୁଚିଣ୍ଡା	ସୋଏଡ଼ା	ସମଲପୁର	୯୬୮	ବେସରକାରୀ	ବେ.ସା.	୦.୨୩୦	୦.୦୧୭
୧୩୫	ସମଲପୁର	କୁଚିଣ୍ଡା	ସୋଏଡ଼ା	ସମଲପୁର	୧୪୯୯	ବେସରକାରୀ	ବେ.ସା.	୦.୦୮୦	୦.୦୦୧
୧୩୬	ସମଲପୁର	କୁଚିଣ୍ଡା	ସୋଏଡ଼ା	ସମଲପୁର	୧୪୯୮	ବେସରକାରୀ	ବେ.ସା.	୦.୦୧୦	୦.୦୦୪
୧୩୭	ସମଲପୁର	କୁଚିଣ୍ଡା	ସୋଏଡ଼ା	ସମଲପୁର	୧୪୯୬	ବେସରକାରୀ	ବେ.ସା.	୦.୦୭୦	୦.୦୧୨
୧୩୮	ସମଲପୁର	କୁଚିଣ୍ଡା	ସୋଏଡ଼ା	ସମଲପୁର	୧୪୯୭	ବେସରକାରୀ	ଗୋଡ଼ା-୨	୦.୦୧୦	୦
୧୩୯	ସମଲପୁର	କୁଚିଣ୍ଡା	ସୋଏଡ଼ା	ସମଲପୁର	୧୪୯୫	ବେସରକାରୀ	ବା.ସା.	୧.୧୭୦	୦.୦୦୭
୧୪୦	ସମଲପୁର	କୁଚିଣ୍ଡା	ସୋଏଡ଼ା	ସମଲପୁର	୧୪୯୩	ବେସରକାରୀ	ଗୋଡ଼ା-୨	୦.୨୧୦	୦.୦୩୧
୧୪୧	ସମଲପୁର	କୁଚିଣ୍ଡା	ସୋଏଡ଼ା	ସମଲପୁର	୧୬୧	ବେସରକାରୀ	ଗୋଡ଼ା-୨	୦.୩୧୦	୦.୦୯୧
୧୪୨	ସମଲପୁର	କୁଚିଣ୍ଡା	ସୋଏଡ଼ା	ସମଲପୁର	୧୪୯୧	ବେସରକାରୀ	ଗୋଡ଼ା-୨	୦.୦୭୦	୦.୦୦୯
୧୪୩	ସମଲପୁର	କୁଚିଣ୍ଡା	ସୋଏଡ଼ା	ସମଲପୁର	୯୭୪	ବେସରକାରୀ	ଗୋଡ଼ା-୨	୦.୦୧୦	୦.୦୦୩
୧୪୪	ସମଲପୁର	କୁଚିଣ୍ଡା	ସୋଏଡ଼ା	ସମଲପୁର	୯୭୭	ବେସରକାରୀ	ବେ.ସା.	୦.୧୭୦	୦.୦୦୪
୧୪୫	ସମଲପୁର	କୁଚିଣ୍ଡା	ସୋଏଡ଼ା	ସମଲପୁର	୯୭୭	ବେସରକାରୀ	ବେ.ସା.	୦.୩୧୦	୦.୦୯୪
୧୪୬	ସମଲପୁର	କୁଚିଣ୍ଡା	ସୋଏଡ଼ା	ସମଲପୁର	୧୦୨୯	ବେସରକାରୀ	ମା.ସା.	୦.୦୪୦	୦.୦୧୨
୧୪୭	ସମଲପୁର	କୁଚିଣ୍ଡା	ସୋଏଡ଼ା	ସମଲପୁର	୧୪୮୮	ବେସରକାରୀ	ଗୋଡ଼ା-୨	୦.୦୪୦	୦.୦୦୨
୧୪୮	ସମଲପୁର	କୁଚିଣ୍ଡା	ସୋଏଡ଼ା	୨୭୭/୧୨୧	୧୪୮୭	ବେସରକାରୀ	ଘରବାରି	୦.୦୪୦	୦.୦୦୨
୧୪୯	ସମଲପୁର	କୁଚିଣ୍ଡା	ସୋଏଡ଼ା	୭୯	୧୪୮୭	ବେସରକାରୀ	ଗୋଡ଼ା-୨	୦.୦୪୦	୦.୦୧୭
୧୫୦	ସମଲପୁର	କୁଚିଣ୍ଡା	ସୋଏଡ଼ା	୭୯	୧୪୮୧	ବେସରକାରୀ	ବା.ସା.	୦.୧୩୦	୦.୦୨୧
୧୫୧	ସମଲପୁର	କୁଚିଣ୍ଡା	ସୋଏଡ଼ା	୨୭୭/୭୦	୧୦୩୦	ବେସରକାରୀ	ମା.ସା.	୦.୧୦୦	୦.୦୧୧
୧୫୨	ସମଲପୁର	କୁଚିଣ୍ଡା	ସୋଏଡ଼ା	୨୭୭/୧୩୭	୧୦୩୧	ବେସରକାରୀ	ବା.ସା.	୦.୧୫୦	୦.୦୨୮
SEE NEXT
